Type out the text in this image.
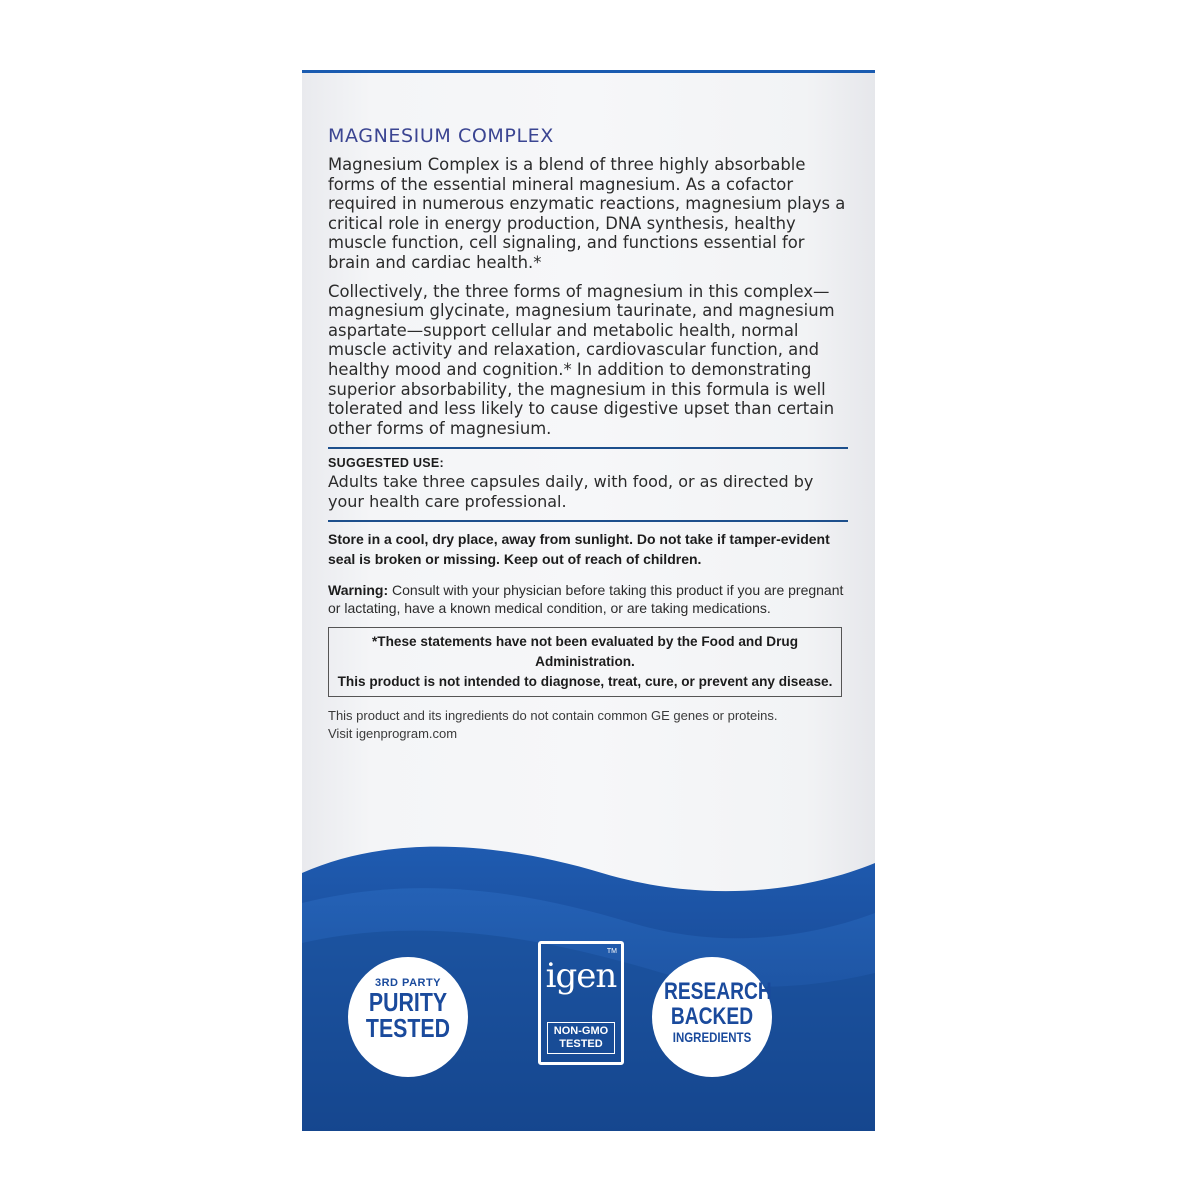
MAGNESIUM COMPLEX

Magnesium Complex is a blend of three highly absorbable forms of the essential mineral magnesium. As a cofactor required in numerous enzymatic reactions, magnesium plays a critical role in energy production, DNA synthesis, healthy muscle function, cell signaling, and functions essential for brain and cardiac health.*

Collectively, the three forms of magnesium in this complex—magnesium glycinate, magnesium taurinate, and magnesium aspartate—support cellular and metabolic health, normal muscle activity and relaxation, cardiovascular function, and healthy mood and cognition.* In addition to demonstrating superior absorbability, the magnesium in this formula is well tolerated and less likely to cause digestive upset than certain other forms of magnesium.

SUGGESTED USE:

Adults take three capsules daily, with food, or as directed by your health care professional.

Store in a cool, dry place, away from sunlight. Do not take if tamper-evident seal is broken or missing. Keep out of reach of children.

Warning: Consult with your physician before taking this product if you are pregnant or lactating, have a known medical condition, or are taking medications.

*These statements have not been evaluated by the Food and Drug Administration.
This product is not intended to diagnose, treat, cure, or prevent any disease.

This product and its ingredients do not contain common GE genes or proteins.

Visit igenprogram.com

3RD PARTY
PURITY
TESTED
TM
igen
NON-GMO
TESTED
RESEARCH
BACKED
INGREDIENTS
